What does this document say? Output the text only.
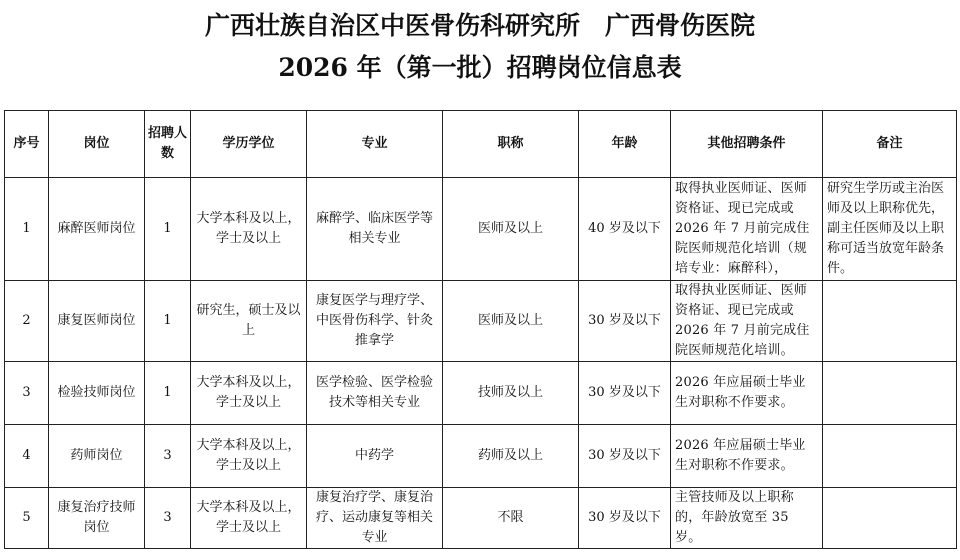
广西壮族自治区中医骨伤科研究所　广西骨伤医院
2026 年（第一批）招聘岗位信息表
序号	岗位	招聘人数	学历学位	专业	职称	年龄	其他招聘条件	备注
1	麻醉医师岗位	1	大学本科及以上，学士及以上	麻醉学、临床医学等相关专业	医师及以上	40 岁及以下	取得执业医师证、医师资格证、现已完成或2026 年 7 月前完成住院医师规范化培训（规培专业：麻醉科），	研究生学历或主治医师及以上职称优先，副主任医师及以上职称可适当放宽年龄条件。
2	康复医师岗位	1	研究生，硕士及以上	康复医学与理疗学、中医骨伤科学、针灸推拿学	医师及以上	30 岁及以下	取得执业医师证、医师资格证、现已完成或2026 年 7 月前完成住院医师规范化培训。	
3	检验技师岗位	1	大学本科及以上，学士及以上	医学检验、医学检验技术等相关专业	技师及以上	30 岁及以下	2026 年应届硕士毕业生对职称不作要求。	
4	药师岗位	3	大学本科及以上，学士及以上	中药学	药师及以上	30 岁及以下	2026 年应届硕士毕业生对职称不作要求。	
5	康复治疗技师岗位	3	大学本科及以上，学士及以上	康复治疗学、康复治疗、运动康复等相关专业	不限	30 岁及以下	主管技师及以上职称的，年龄放宽至 35 岁。	
